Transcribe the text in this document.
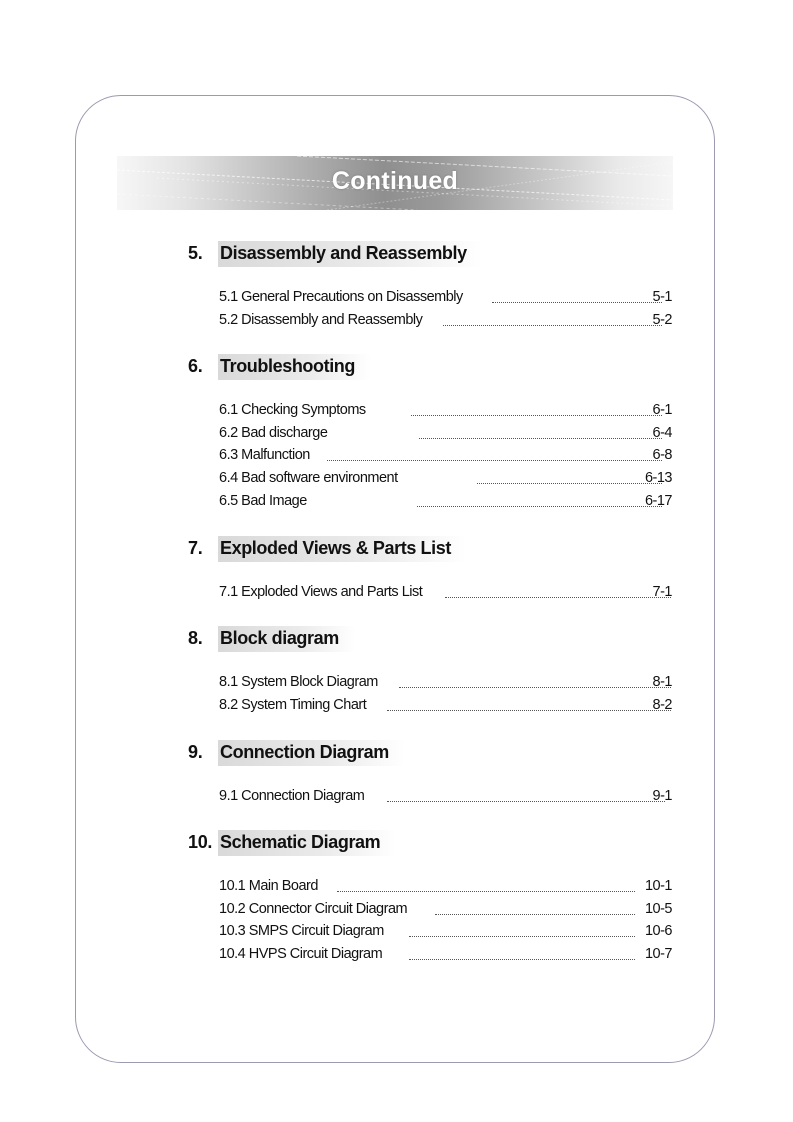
Continued
5. Disassembly and Reassembly
5.1 General Precautions on Disassembly	5-1
5.2 Disassembly and Reassembly	5-2
6. Troubleshooting
6.1 Checking Symptoms	6-1
6.2 Bad discharge	6-4
6.3 Malfunction	6-8
6.4 Bad software environment	6-13
6.5 Bad Image	6-17
7. Exploded Views & Parts List
7.1 Exploded Views and Parts List	7-1
8. Block diagram
8.1 System Block Diagram	8-1
8.2 System Timing Chart	8-2
9. Connection Diagram
9.1 Connection Diagram	9-1
10. Schematic Diagram
10.1 Main Board	10-1
10.2 Connector Circuit Diagram	10-5
10.3 SMPS Circuit Diagram	10-6
10.4 HVPS Circuit Diagram	10-7
